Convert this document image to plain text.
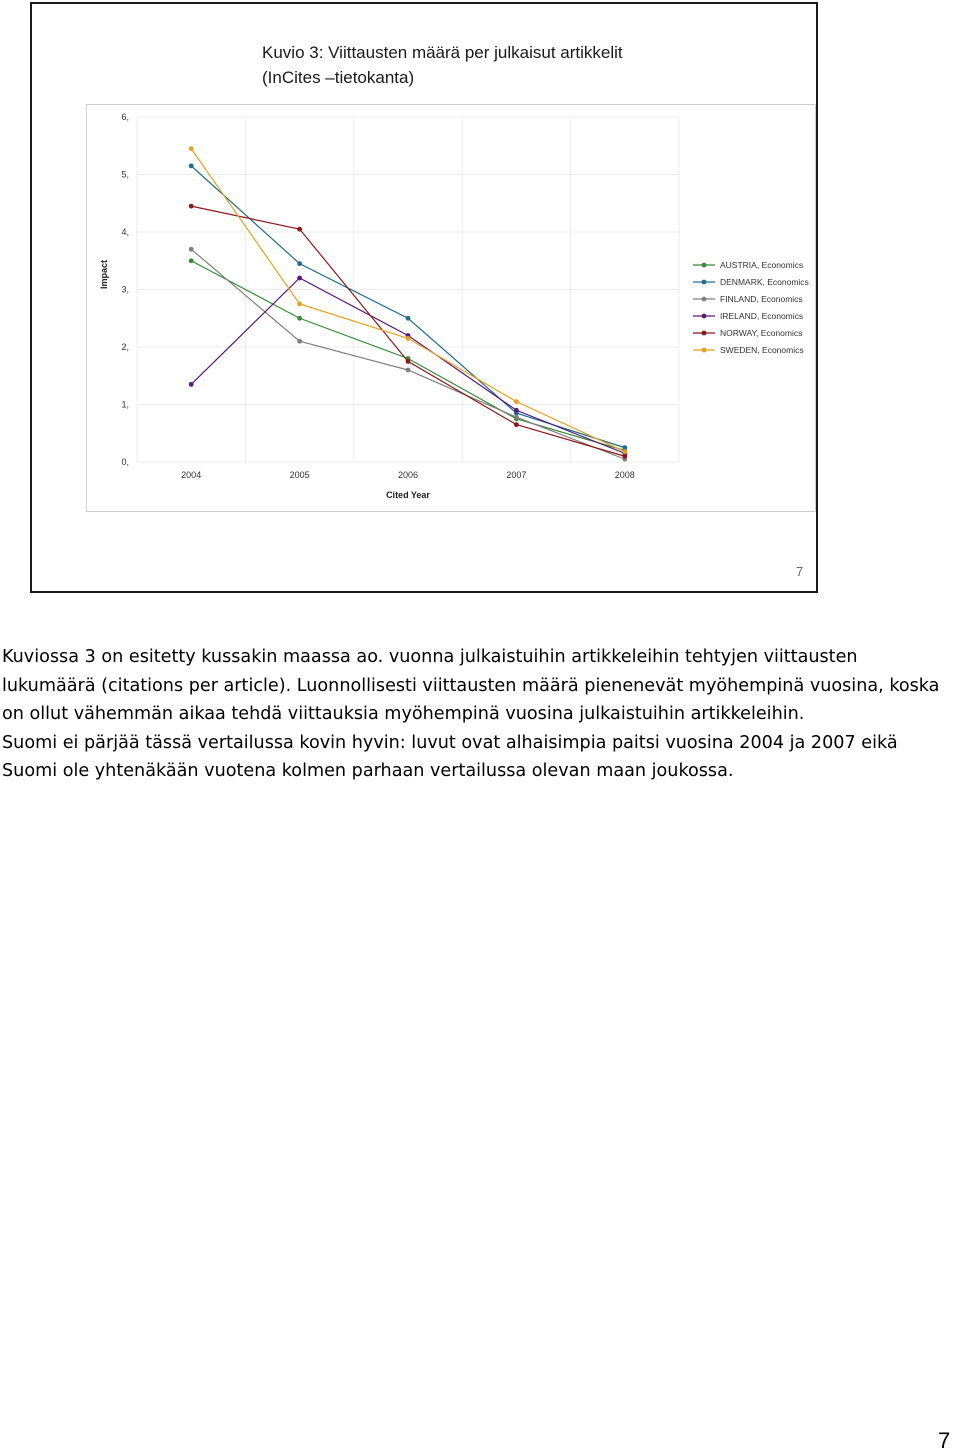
Kuvio 3: Viittausten määrä per julkaisut artikkelit
(InCites –tietokanta)
0,
1,
2,
3,
4,
5,
6,
2004	2005	2006	2007	2008
Cited Year
Impact	AUSTRIA, Economics
DENMARK, Economics
FINLAND, Economics
IRELAND, Economics
NORWAY, Economics
SWEDEN, Economics
7

Kuviossa 3 on esitetty kussakin maassa ao. vuonna julkaistuihin artikkeleihin tehtyjen viittausten lukumäärä (citations per article). Luonnollisesti viittausten määrä pienenevät myöhempinä vuosina, koska on ollut vähemmän aikaa tehdä viittauksia myöhempinä vuosina julkaistuihin artikkeleihin.

Suomi ei pärjää tässä vertailussa kovin hyvin: luvut ovat alhaisimpia paitsi vuosina 2004 ja 2007 eikä Suomi ole yhtenäkään vuotena kolmen parhaan vertailussa olevan maan joukossa.

7
